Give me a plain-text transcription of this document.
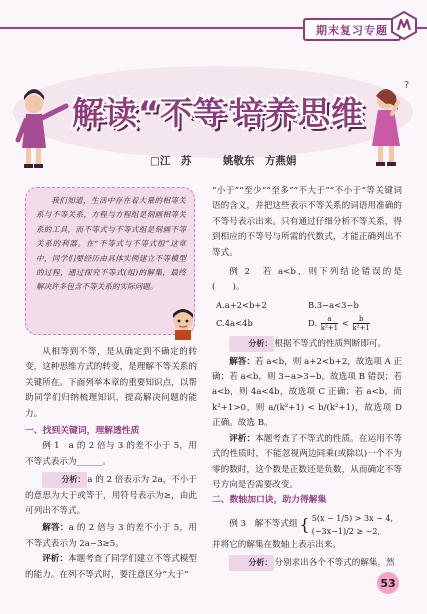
期末复习专题
?
解读“不等”
培养思维
□江　苏　　　姚敬东　方燕娟
我们知道，生活中存在着大量的相等关系与不等关系，方程与方程组是刻画相等关系的工具，而不等式与不等式组是刻画不等关系的利器。在“不等式与不等式组”这章中，同学们要经历由具体实例建立不等模型的过程，通过探究不等式(组)的解集，最终解决许多包含不等关系的实际问题。

从相等到不等，是从确定到不确定的转变，这种思维方式的转变，是理解不等关系的关键所在。下面列举本章的重要知识点，以帮助同学们归纳梳理知识，提高解决问题的能力。

一、找到关键词，理解透性质

例 1　a 的 2 倍与 3 的差不小于 5，用不等式表示为______。

分析： a 的 2 倍表示为 2a，不小于的意思为大于或等于，用符号表示为≥，由此可列出不等式。

解答：a 的 2 倍与 3 的差不小于 5，用不等式表示为 2a−3≥5。

评析：本题考查了同学们建立不等式模型的能力。在列不等式时，要注意区分“大于”

“小于”“至少”“至多”“不大于”“不小于”等关键词语的含义，并把这些表示不等关系的词语用准确的不等号表示出来。只有通过仔细分析不等关系，得到相应的不等号与所需的代数式，才能正确列出不等式。

例 2　若 a<b，则下列结论错误的是(　　)。

A.a+2<b+2	B.3−a<3−b
C.4a<4b	D. $\frac{a}{\text{k²+1}} < \frac{b}{\text{k²+1}}$

分析： 根据不等式的性质判断即可。

解答：若 a<b，则 a+2<b+2，故选项 A 正确；若 a<b，则 3−a>3−b，故选项 B 错误；若 a<b，则 4a<4b，故选项 C 正确；若 a<b，而 k²+1>0，则 a/(k²+1) < b/(k²+1)，故选项 D 正确。故选 B。

评析：本题考查了不等式的性质。在运用不等式的性质时，不能忽视两边同乘(或除以)一个不为零的数时，这个数是正数还是负数，从而确定不等号方向是否需要改变。

二、数轴加口诀，助力得解集

例 3　解不等式组 { 5(x − 1/5) > 3x − 4,
(−3x−1)/2 ≥ −2,

并将它的解集在数轴上表示出来。

分析： 分别求出各个不等式的解集，然

53
